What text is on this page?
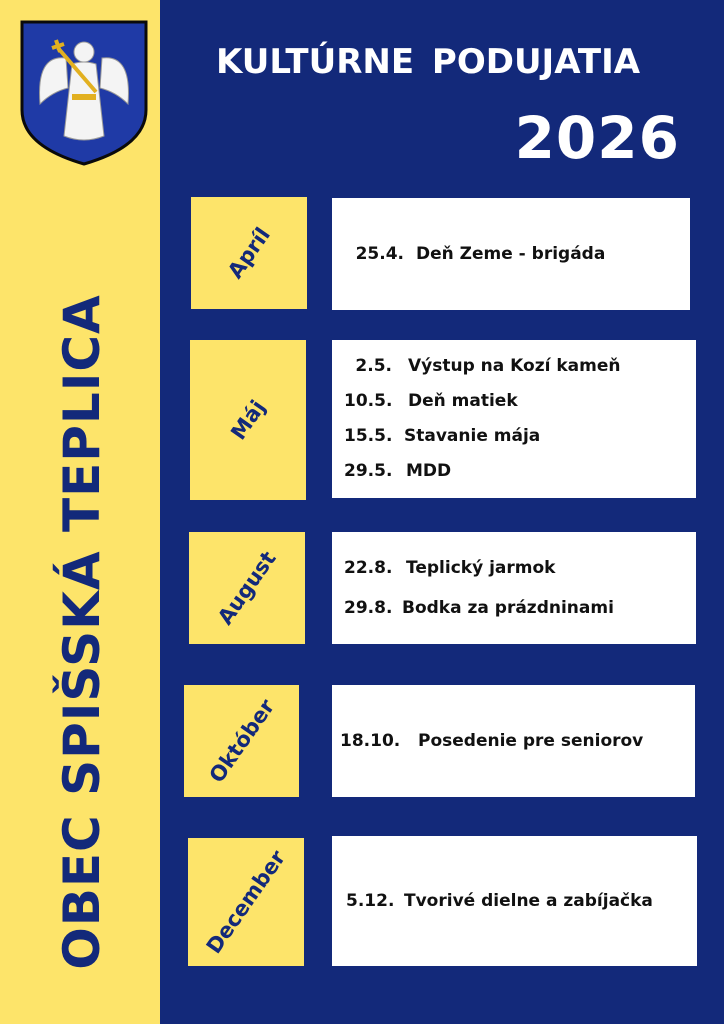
OBEC SPIŠSKÁ TEPLICA
KULTÚRNE PODUJATIA
2026
Apríl	25.4. Deň Zeme - brigáda
Máj
2.5. Výstup na Kozí kameň
10.5. Deň matiek
15.5. Stavanie mája
29.5. MDD
August	22.8. Teplický jarmok
29.8. Bodka za prázdninami
Október	18.10.	Posedenie pre seniorov
December	5.12. Tvorivé dielne a zabíjačka
